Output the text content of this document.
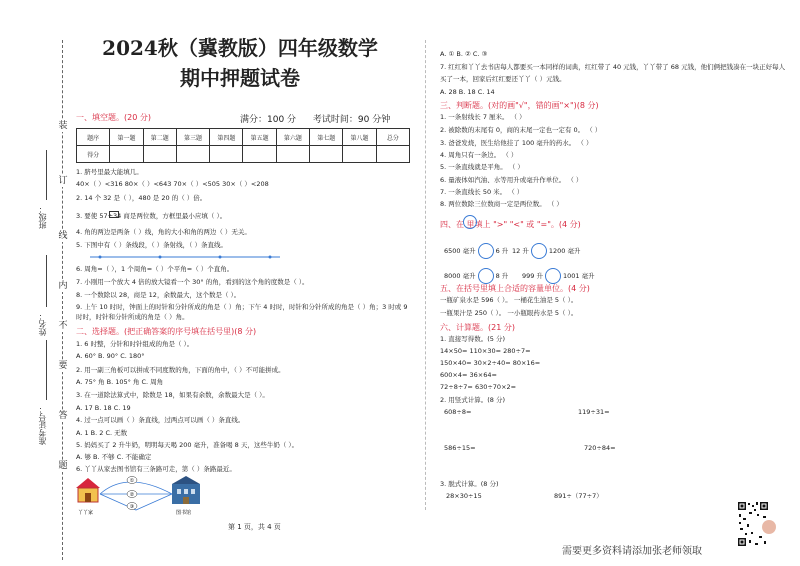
装
订
线
内
不
要
答
题
班级：
姓名：
准考证号：
2024秋（冀教版）四年级数学
期中押题试卷
一、填空题。(20 分)	满分：100 分 考试时间：90 分钟
题序	第一题	第二题	第三题	第四题	第五题	第六题	第七题	第八题	总分
得分									
1. 脐号里最大能填几。
40×（ ）<316 80×（ ）<643 70×（ ）<505 30×（ ）<208
2. 14 个 32 是（ ），480 是 20 的（ ）倍。
3. 要使 57÷34 商是两位数，方框里最小应填（ ）。
4. 角的两边是两条（ ）线，角的大小和角的两边（ ）无关。
5. 下图中有（ ）条线段，（ ）条射线，（ ）条直线。
6. 周角=（ ），1 个周角=（ ）个平角=（ ）个直角。
7. 小刚用一个放大 4 倍的放大镜看一个 30° 的角，看到的这个角的度数是（ ）。
8. 一个数除以 28，商是 12，余数最大，这个数是（ ）。
9. 上午 10 时时，钟面上的时针和分针所成的角是（ ）角；下午 4 时时，时针和分针所成的角是（ ）角；3 时或 9
时时，时针和分针所成的角是（ ）角。
二、选择题。(把正确答案的序号填在括号里)(8 分)
1. 6 时整，分针和时针组成的角是（ ）。
A. 60° B. 90° C. 180°
2. 用一副三角板可以拼成不同度数的角，下面的角中，（ ）不可能拼成。
A. 75° 角 B. 105° 角 C. 周角
3. 在一道除法算式中，除数是 18，如果有余数，余数最大是（ ）。
A. 17 B. 18 C. 19
4. 过一点可以画（ ）条直线，过两点可以画（ ）条直线。
A. 1 B. 2 C. 无数
5. 妈妈买了 2 升牛奶，明明每天喝 200 毫升，准备喝 8 天，这些牛奶（ ）。
A. 够 B. 不够 C. 不能确定
6. 丫丫从家去图书馆有三条路可走，第（ ）条路最近。
①
②
③
丫丫家	图书馆
A. ① B. ② C. ③
7. 红红和丫丫去书店每人都要买一本同样的词典，红红带了 40 元钱，丫丫带了 68 元钱，他们俩把钱凑在一块正好每人
买了一本，回家后红红要还丫丫（ ）元钱。
A. 28 B. 18 C. 14
三、判断题。(对的画"√"，错的画"×")(8 分)
1. 一条射线长 7 厘米。 （ ）
2. 被除数的末尾有 0，商的末尾一定也一定有 0。 （ ）
3. 爸爸发烧，医生给他挂了 100 毫升的药水。 （ ）
4. 周角只有一条边。 （ ）
5. 一条直线就是平角。 （ ）
6. 量液体如汽油、水等用升或毫升作单位。 （ ）
7. 一条直线长 50 米。 （ ）
8. 两位数除三位数商一定是两位数。 （ ）
四、在 里填上 ">" "<" 或 "="。(4 分)
6500 毫升	6 升 12 升	1200 毫升
8000 毫升	8 升 999 升	1001 毫升
五、在括号里填上合适的容量单位。(4 分)
一瓶矿泉水是 596（ ）。 一桶花生油是 5（ ）。
一瓶果汁是 250（ ）。 一小瓶眼药水是 5（ ）。
六、计算题。(21 分)
1. 直接写得数。(5 分)
14×50= 110×30= 280÷7=
150×40= 30×2÷40= 80×16=
600×4= 36×64=
72÷8÷7= 630÷70×2=
2. 用竖式计算。(8 分)
608÷8=	119÷31=
586÷15=	720÷84=
3. 脱式计算。(8 分)
28×30÷15	891÷（77÷7）
第 1 页，共 4 页
需要更多资料请添加张老师领取
